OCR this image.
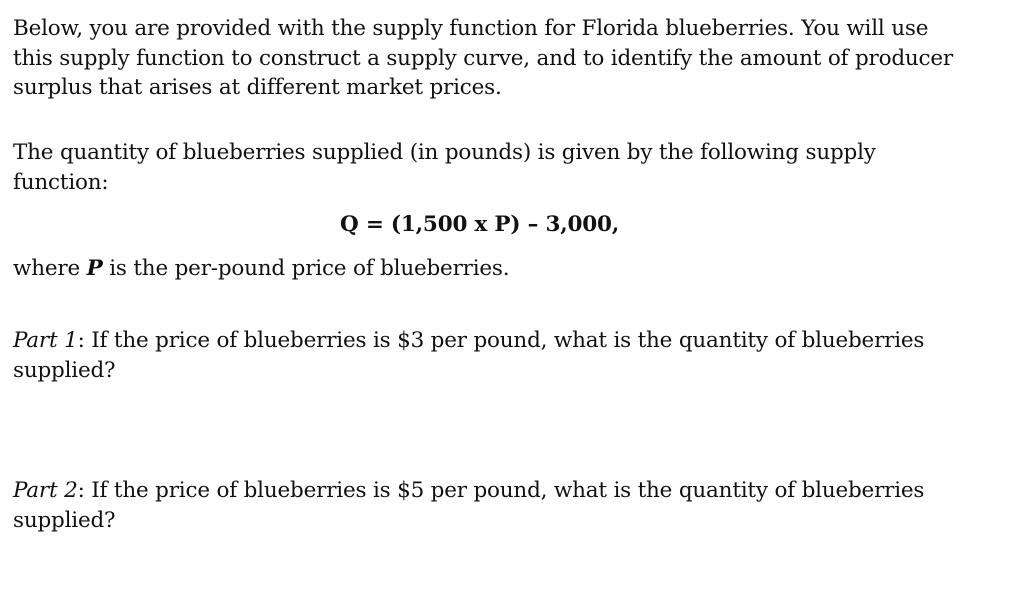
Below, you are provided with the supply function for Florida blueberries. You will use this supply function to construct a supply curve, and to identify the amount of producer surplus that arises at different market prices.

The quantity of blueberries supplied (in pounds) is given by the following supply function:

Q = (1,500 x P) – 3,000,

where P is the per-pound price of blueberries.

Part 1: If the price of blueberries is $3 per pound, what is the quantity of blueberries supplied?

Part 2: If the price of blueberries is $5 per pound, what is the quantity of blueberries supplied?
